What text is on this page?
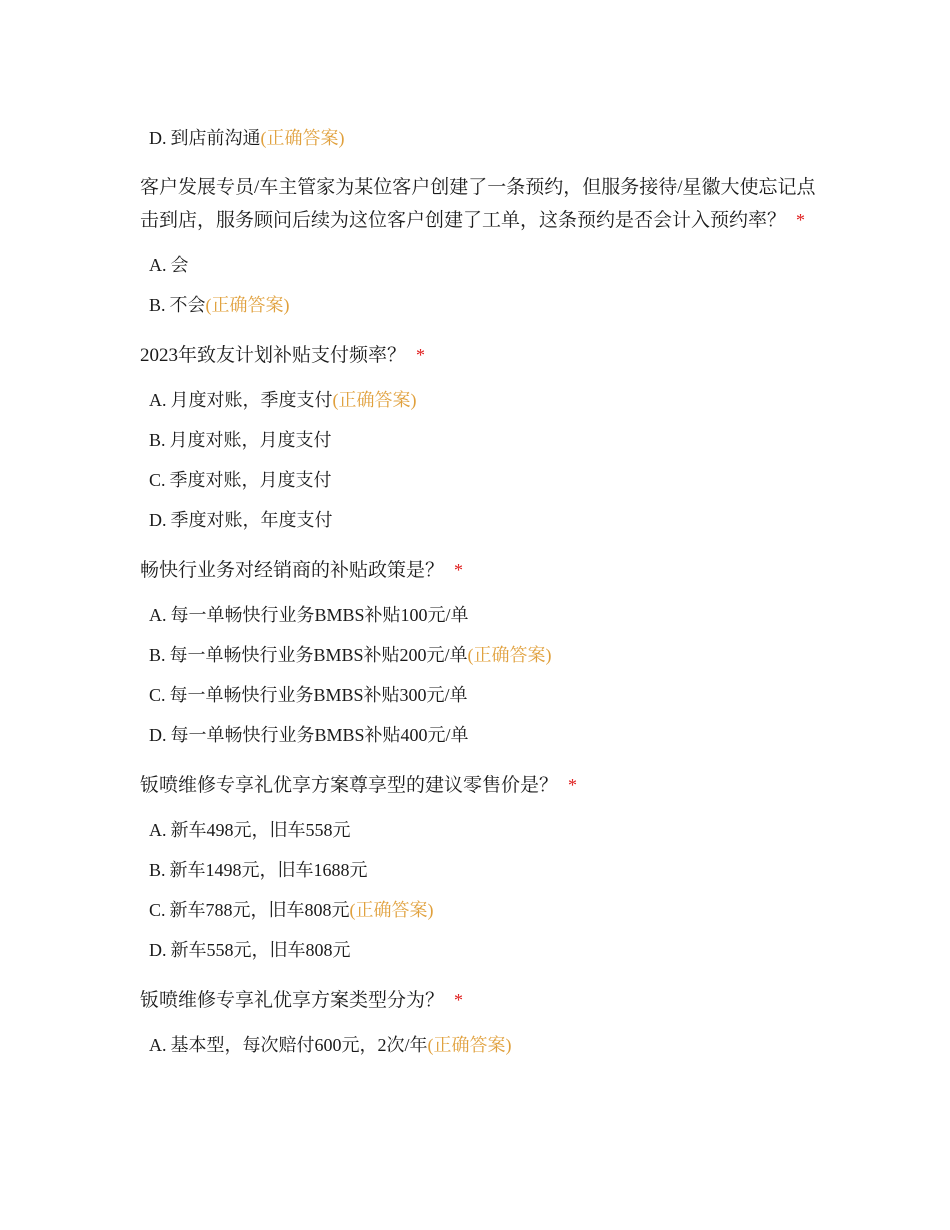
D. 到店前沟通 (正确答案)
客户发展专员/车主管家为某位客户创建了一条预约，但服务接待/星徽大使忘记点击到店，服务顾问后续为这位客户创建了工单，这条预约是否会计入预约率？ *
A. 会
B. 不会 (正确答案)
2023年致友计划补贴支付频率？ *
A. 月度对账，季度支付 (正确答案)
B. 月度对账，月度支付
C. 季度对账，月度支付
D. 季度对账，年度支付
畅快行业务对经销商的补贴政策是？ *
A. 每一单畅快行业务BMBS补贴100元/单
B. 每一单畅快行业务BMBS补贴200元/单 (正确答案)
C. 每一单畅快行业务BMBS补贴300元/单
D. 每一单畅快行业务BMBS补贴400元/单
钣喷维修专享礼优享方案尊享型的建议零售价是？ *
A. 新车498元，旧车558元
B. 新车1498元，旧车1688元
C. 新车788元，旧车808元 (正确答案)
D. 新车558元，旧车808元
钣喷维修专享礼优享方案类型分为？ *
A. 基本型，每次赔付600元，2次/年 (正确答案)
